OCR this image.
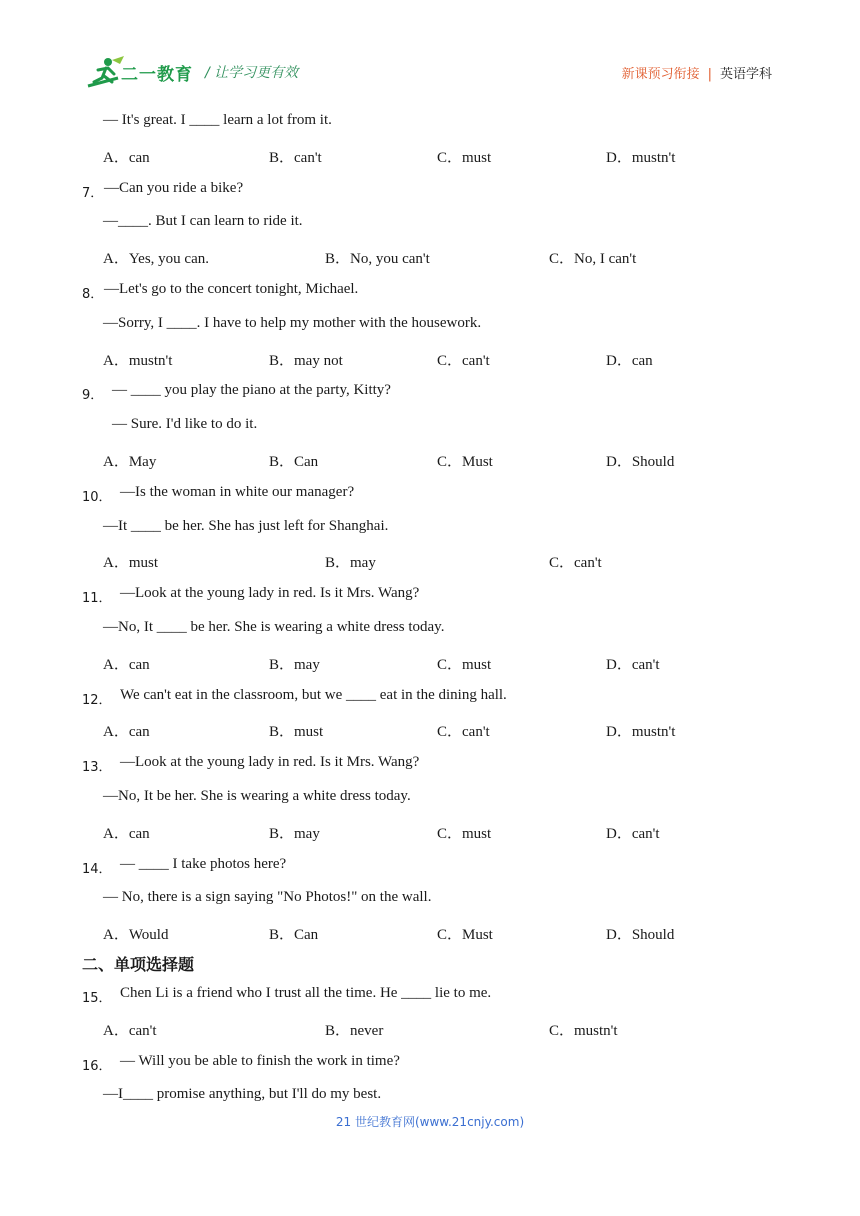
二一教育 / 让学习更有效	新课预习衔接 | 英语学科
— It's great. I ____ learn a lot from it.
A．can	B．can't	C．must	D．mustn't
7． —Can you ride a bike?
—____. But I can learn to ride it.
A．Yes, you can.	B．No, you can't	C．No, I can't
8． —Let's go to the concert tonight, Michael.
—Sorry, I ____. I have to help my mother with the housework.
A．mustn't	B．may not	C．can't	D．can
9． — ____ you play the piano at the party, Kitty?
— Sure. I'd like to do it.
A．May	B．Can	C．Must	D．Should
10． —Is the woman in white our manager?
—It ____ be her. She has just left for Shanghai.
A．must	B．may	C．can't
11． —Look at the young lady in red. Is it Mrs. Wang?
—No, It ____ be her. She is wearing a white dress today.
A．can	B．may	C．must	D．can't
12． We can't eat in the classroom, but we ____ eat in the dining hall.
A．can	B．must	C．can't	D．mustn't
13． —Look at the young lady in red. Is it Mrs. Wang?
—No, It be her. She is wearing a white dress today.
A．can	B．may	C．must	D．can't
14． — ____ I take photos here?
— No, there is a sign saying "No Photos!" on the wall.
A．Would	B．Can	C．Must	D．Should
二、单项选择题
15． Chen Li is a friend who I trust all the time. He ____ lie to me.
A．can't	B．never	C．mustn't
16． — Will you be able to finish the work in time?
—I____ promise anything, but I'll do my best.
21 世纪教育网(www.21cnjy.com)
